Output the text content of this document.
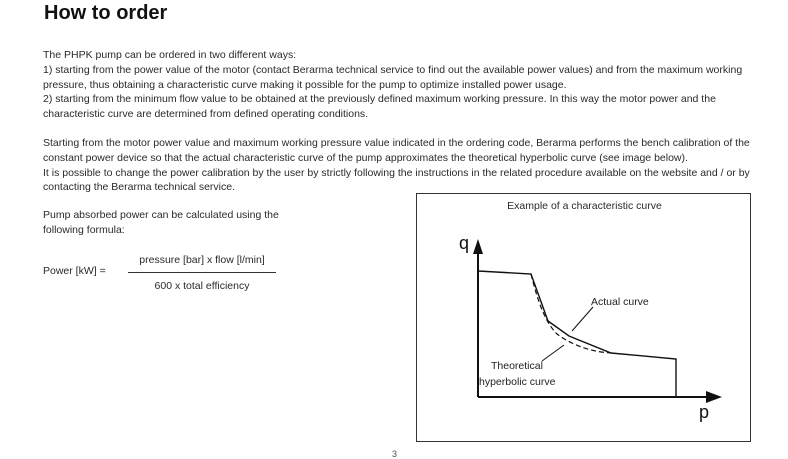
How to order

The PHPK pump can be ordered in two different ways:

1) starting from the power value of the motor (contact Berarma technical service to find out the available power values) and from the maximum working pressure, thus obtaining a characteristic curve making it possible for the pump to optimize installed power usage.

2) starting from the minimum flow value to be obtained at the previously defined maximum working pressure. In this way the motor power and the characteristic curve are determined from defined operating conditions.

Starting from the motor power value and maximum working pressure value indicated in the ordering code, Berarma performs the bench calibration of the constant power device so that the actual characteristic curve of the pump approximates the theoretical hyperbolic curve (see image below).

It is possible to change the power calibration by the user by strictly following the instructions in the related procedure available on the website and / or by contacting the Berarma technical service.

Pump absorbed power can be calculated using the following formula:
Power [kW] =
pressure [bar] x flow [l/min]
600 x total efficiency
Example of a characteristic curve
q
p
Actual curve
Theoretical
hyperbolic curve
3
